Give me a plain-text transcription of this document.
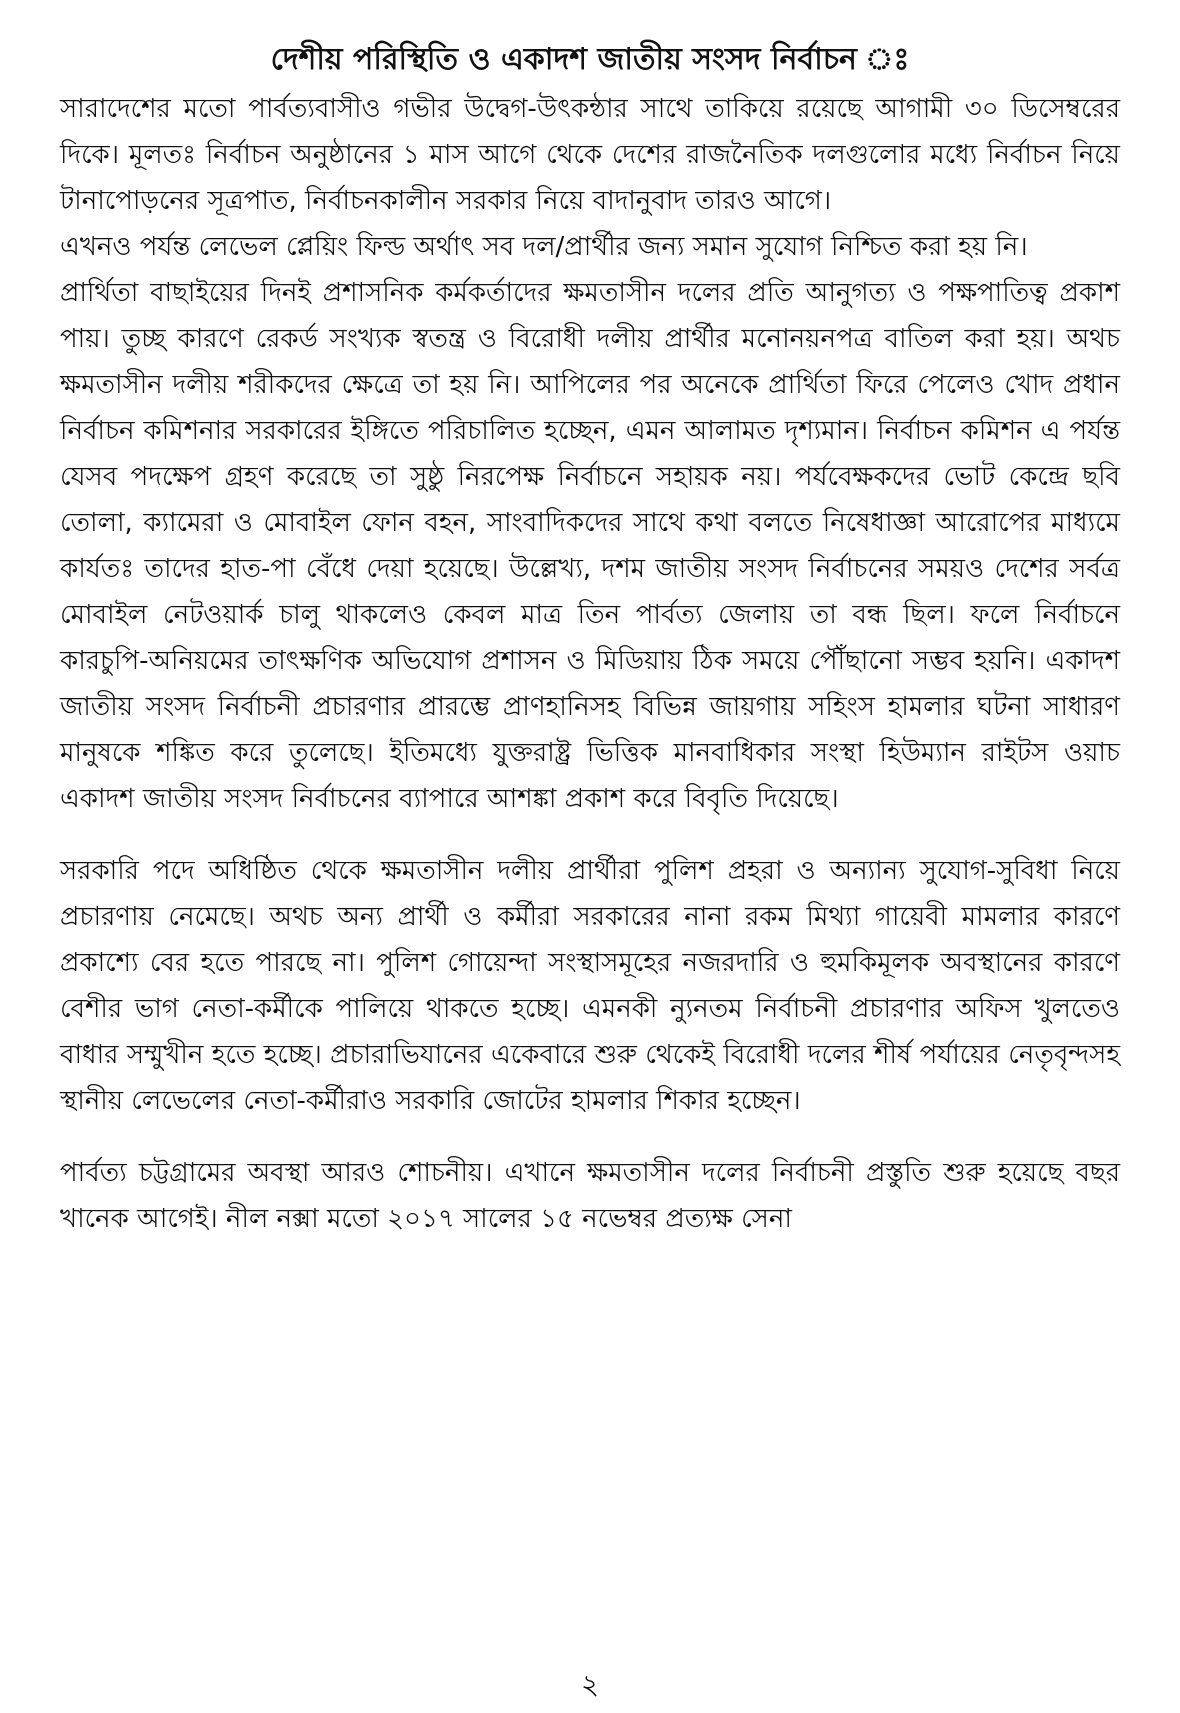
দেশীয় পরিস্থিতি ও একাদশ জাতীয় সংসদ নির্বাচন ঃ

সারাদেশের মতো পার্বত্যবাসীও গভীর উদ্বেগ-উৎকন্ঠার সাথে তাকিয়ে রয়েছে আগামী ৩০ ডিসেম্বরের দিকে। মূলতঃ নির্বাচন অনুষ্ঠানের ১ মাস আগে থেকে দেশের রাজনৈতিক দলগুলোর মধ্যে নির্বাচন নিয়ে টানাপোড়নের সূত্রপাত, নির্বাচনকালীন সরকার নিয়ে বাদানুবাদ তারও আগে।

এখনও পর্যন্ত লেভেল প্লেয়িং ফিল্ড অর্থাৎ সব দল/প্রার্থীর জন্য সমান সুযোগ নিশ্চিত করা হয় নি।

প্রার্থিতা বাছাইয়ের দিনই প্রশাসনিক কর্মকর্তাদের ক্ষমতাসীন দলের প্রতি আনুগত্য ও পক্ষপাতিত্ব প্রকাশ পায়। তুচ্ছ কারণে রেকর্ড সংখ্যক স্বতন্ত্র ও বিরোধী দলীয় প্রার্থীর মনোনয়নপত্র বাতিল করা হয়। অথচ ক্ষমতাসীন দলীয় শরীকদের ক্ষেত্রে তা হয় নি। আপিলের পর অনেকে প্রার্থিতা ফিরে পেলেও খোদ প্রধান নির্বাচন কমিশনার সরকারের ইঙ্গিতে পরিচালিত হচ্ছেন, এমন আলামত দৃশ্যমান। নির্বাচন কমিশন এ পর্যন্ত যেসব পদক্ষেপ গ্রহণ করেছে তা সুষ্ঠু নিরপেক্ষ নির্বাচনে সহায়ক নয়। পর্যবেক্ষকদের ভোট কেন্দ্রে ছবি তোলা, ক্যামেরা ও মোবাইল ফোন বহন, সাংবাদিকদের সাথে কথা বলতে নিষেধাজ্ঞা আরোপের মাধ্যমে কার্যতঃ তাদের হাত-পা বেঁধে দেয়া হয়েছে। উল্লেখ্য, দশম জাতীয় সংসদ নির্বাচনের সময়ও দেশের সর্বত্র মোবাইল নেটওয়ার্ক চালু থাকলেও কেবল মাত্র তিন পার্বত্য জেলায় তা বন্ধ ছিল। ফলে নির্বাচনে কারচুপি-অনিয়মের তাৎক্ষণিক অভিযোগ প্রশাসন ও মিডিয়ায় ঠিক সময়ে পৌঁছানো সম্ভব হয়নি। একাদশ জাতীয় সংসদ নির্বাচনী প্রচারণার প্রারম্ভে প্রাণহানিসহ বিভিন্ন জায়গায় সহিংস হামলার ঘটনা সাধারণ মানুষকে শঙ্কিত করে তুলেছে। ইতিমধ্যে যুক্তরাষ্ট্র ভিত্তিক মানবাধিকার সংস্থা হিউম্যান রাইটস ওয়াচ একাদশ জাতীয় সংসদ নির্বাচনের ব্যাপারে আশঙ্কা প্রকাশ করে বিবৃতি দিয়েছে।

সরকারি পদে অধিষ্ঠিত থেকে ক্ষমতাসীন দলীয় প্রার্থীরা পুলিশ প্রহরা ও অন্যান্য সুযোগ-সুবিধা নিয়ে প্রচারণায় নেমেছে। অথচ অন্য প্রার্থী ও কর্মীরা সরকারের নানা রকম মিথ্যা গায়েবী মামলার কারণে প্রকাশ্যে বের হতে পারছে না। পুলিশ গোয়েন্দা সংস্থাসমূহের নজরদারি ও হুমকিমূলক অবস্থানের কারণে বেশীর ভাগ নেতা-কর্মীকে পালিয়ে থাকতে হচ্ছে। এমনকী ন্যুনতম নির্বাচনী প্রচারণার অফিস খুলতেও বাধার সম্মুখীন হতে হচ্ছে। প্রচারাভিযানের একেবারে শুরু থেকেই বিরোধী দলের শীর্ষ পর্যায়ের নেতৃবৃন্দসহ স্থানীয় লেভেলের নেতা-কর্মীরাও সরকারি জোটের হামলার শিকার হচ্ছেন।

পার্বত্য চট্টগ্রামের অবস্থা আরও শোচনীয়। এখানে ক্ষমতাসীন দলের নির্বাচনী প্রস্তুতি শুরু হয়েছে বছর খানেক আগেই। নীল নক্সা মতো ২০১৭ সালের ১৫ নভেম্বর প্রত্যক্ষ সেনা

২
